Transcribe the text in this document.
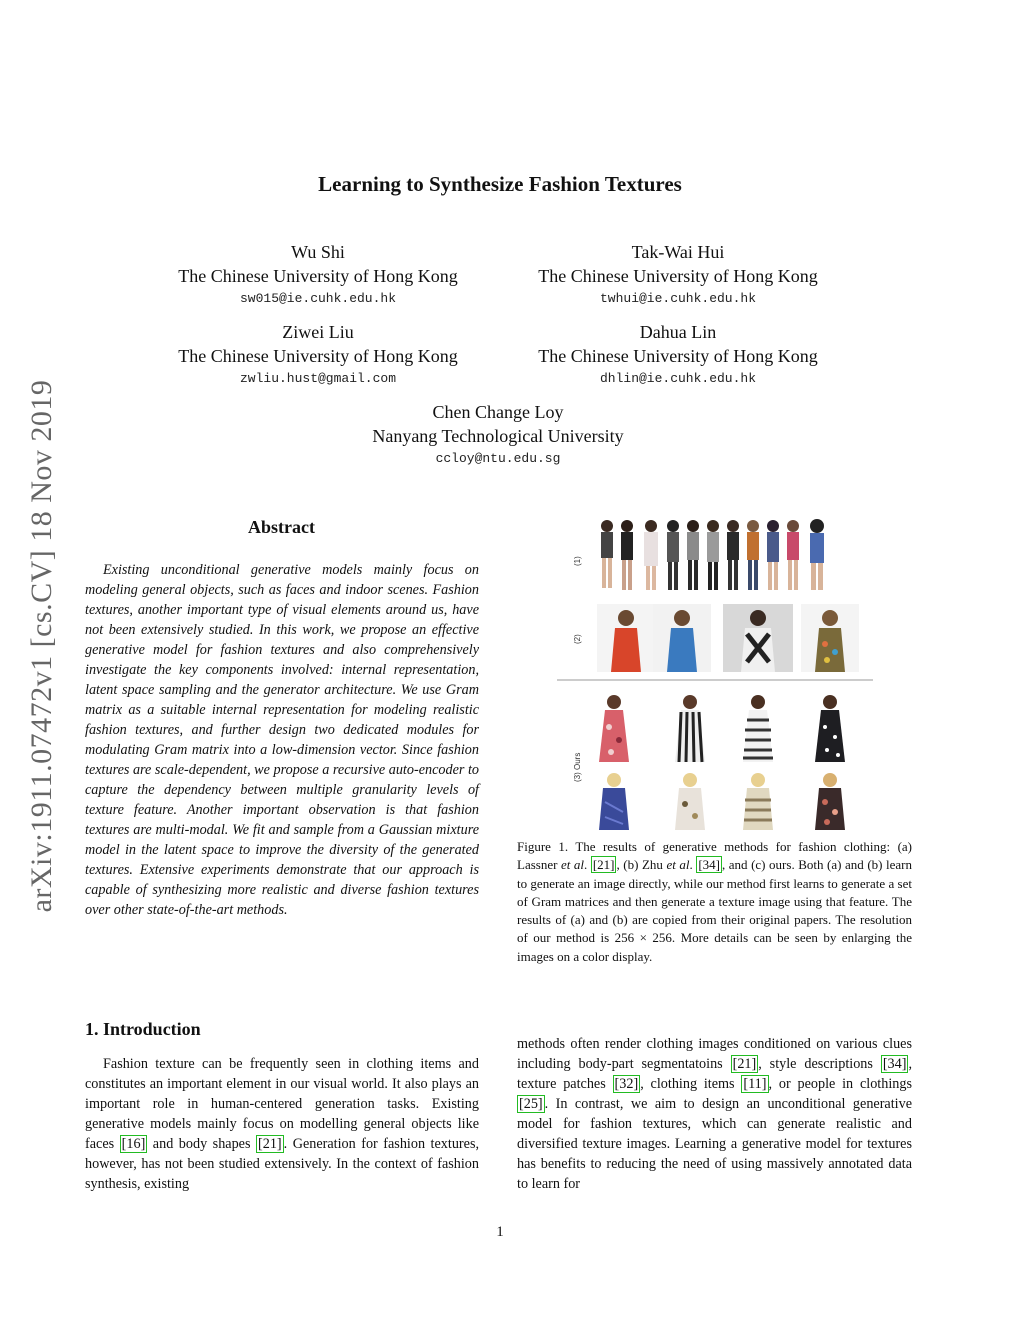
arXiv:1911.07472v1 [cs.CV] 18 Nov 2019
Learning to Synthesize Fashion Textures
Wu Shi
The Chinese University of Hong Kong
sw015@ie.cuhk.edu.hk
Tak-Wai Hui
The Chinese University of Hong Kong
twhui@ie.cuhk.edu.hk
Ziwei Liu
The Chinese University of Hong Kong
zwliu.hust@gmail.com
Dahua Lin
The Chinese University of Hong Kong
dhlin@ie.cuhk.edu.hk
Chen Change Loy
Nanyang Technological University
ccloy@ntu.edu.sg
Abstract
Existing unconditional generative models mainly focus on modeling general objects, such as faces and indoor scenes. Fashion textures, another important type of visual elements around us, have not been extensively studied. In this work, we propose an effective generative model for fashion textures and also comprehensively investigate the key components involved: internal representation, latent space sampling and the generator architecture. We use Gram matrix as a suitable internal representation for modeling realistic fashion textures, and further design two dedicated modules for modulating Gram matrix into a low-dimension vector. Since fashion textures are scale-dependent, we propose a recursive auto-encoder to capture the dependency between multiple granularity levels of texture feature. Another important observation is that fashion textures are multi-modal. We fit and sample from a Gaussian mixture model in the latent space to improve the diversity of the generated textures. Extensive experiments demonstrate that our approach is capable of synthesizing more realistic and diverse fashion textures over other state-of-the-art methods.
(1)
(2)
(3) Ours
Figure 1. The results of generative methods for fashion clothing: (a) Lassner et al. [21] , (b) Zhu et al. [34] , and (c) ours. Both (a) and (b) learn to generate an image directly, while our method first learns to generate a set of Gram matrices and then generate a texture image using that feature. The results of (a) and (b) are copied from their original papers. The resolution of our method is 256 × 256. More details can be seen by enlarging the images on a color display.
1. Introduction
Fashion texture can be frequently seen in clothing items and constitutes an important element in our visual world. It also plays an important role in human-centered generation tasks. Existing generative models mainly focus on modelling general objects like faces [16] and body shapes [21] . Generation for fashion textures, however, has not been studied extensively. In the context of fashion synthesis, existing
methods often render clothing images conditioned on various clues including body-part segmentatoins [21] , style descriptions [34] , texture patches [32] , clothing items [11] , or people in clothings [25] . In contrast, we aim to design an unconditional generative model for fashion textures, which can generate realistic and diversified texture images. Learning a generative model for textures has benefits to reducing the need of using massively annotated data to learn for
1
